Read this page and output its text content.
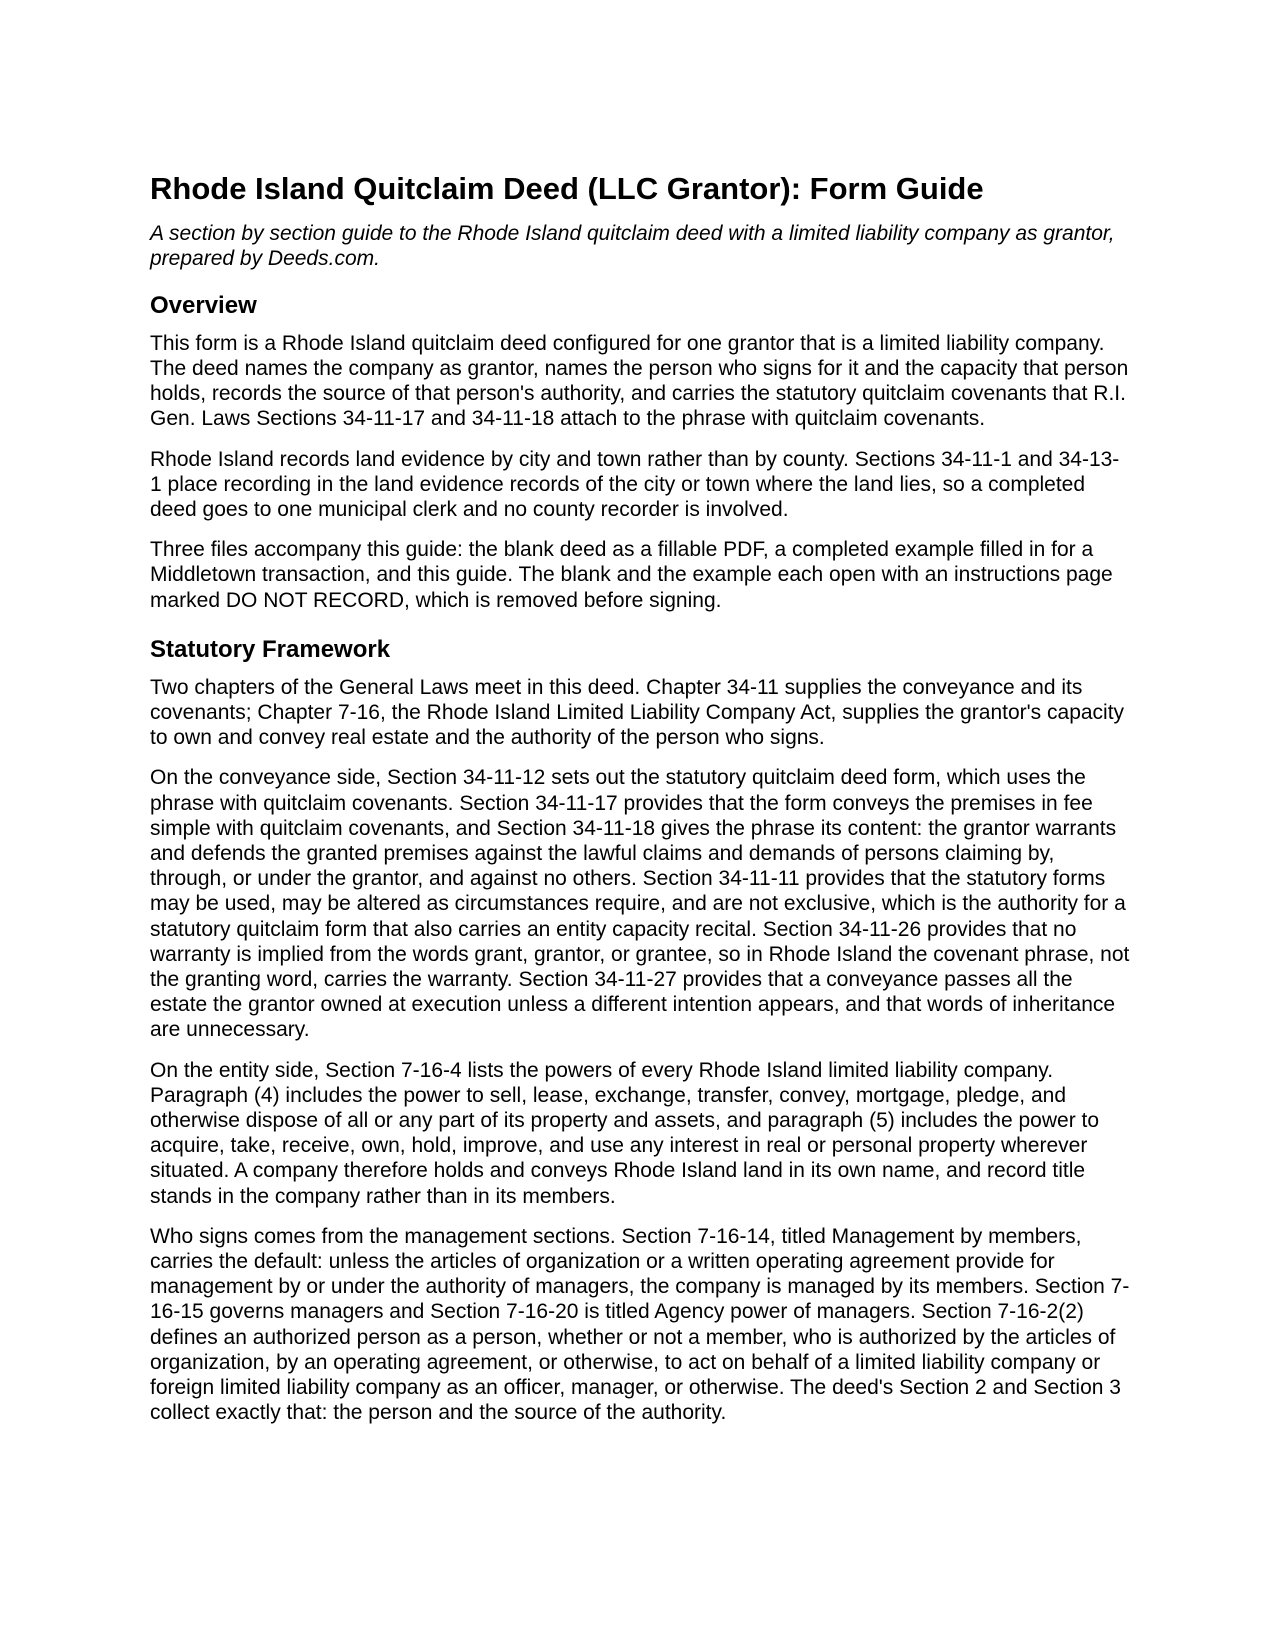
Rhode Island Quitclaim Deed (LLC Grantor): Form Guide

A section by section guide to the Rhode Island quitclaim deed with a limited liability company as grantor, prepared by Deeds.com.

Overview

This form is a Rhode Island quitclaim deed configured for one grantor that is a limited liability company. The deed names the company as grantor, names the person who signs for it and the capacity that person holds, records the source of that person's authority, and carries the statutory quitclaim covenants that R.I. Gen. Laws Sections 34-11-17 and 34-11-18 attach to the phrase with quitclaim covenants.

Rhode Island records land evidence by city and town rather than by county. Sections 34-11-1 and 34-13-1 place recording in the land evidence records of the city or town where the land lies, so a completed deed goes to one municipal clerk and no county recorder is involved.

Three files accompany this guide: the blank deed as a fillable PDF, a completed example filled in for a Middletown transaction, and this guide. The blank and the example each open with an instructions page marked DO NOT RECORD, which is removed before signing.

Statutory Framework

Two chapters of the General Laws meet in this deed. Chapter 34-11 supplies the conveyance and its covenants; Chapter 7-16, the Rhode Island Limited Liability Company Act, supplies the grantor's capacity to own and convey real estate and the authority of the person who signs.

On the conveyance side, Section 34-11-12 sets out the statutory quitclaim deed form, which uses the phrase with quitclaim covenants. Section 34-11-17 provides that the form conveys the premises in fee simple with quitclaim covenants, and Section 34-11-18 gives the phrase its content: the grantor warrants and defends the granted premises against the lawful claims and demands of persons claiming by, through, or under the grantor, and against no others. Section 34-11-11 provides that the statutory forms may be used, may be altered as circumstances require, and are not exclusive, which is the authority for a statutory quitclaim form that also carries an entity capacity recital. Section 34-11-26 provides that no warranty is implied from the words grant, grantor, or grantee, so in Rhode Island the covenant phrase, not the granting word, carries the warranty. Section 34-11-27 provides that a conveyance passes all the estate the grantor owned at execution unless a different intention appears, and that words of inheritance are unnecessary.

On the entity side, Section 7-16-4 lists the powers of every Rhode Island limited liability company. Paragraph (4) includes the power to sell, lease, exchange, transfer, convey, mortgage, pledge, and otherwise dispose of all or any part of its property and assets, and paragraph (5) includes the power to acquire, take, receive, own, hold, improve, and use any interest in real or personal property wherever situated. A company therefore holds and conveys Rhode Island land in its own name, and record title stands in the company rather than in its members.

Who signs comes from the management sections. Section 7-16-14, titled Management by members, carries the default: unless the articles of organization or a written operating agreement provide for management by or under the authority of managers, the company is managed by its members. Section 7-16-15 governs managers and Section 7-16-20 is titled Agency power of managers. Section 7-16-2(2) defines an authorized person as a person, whether or not a member, who is authorized by the articles of organization, by an operating agreement, or otherwise, to act on behalf of a limited liability company or foreign limited liability company as an officer, manager, or otherwise. The deed's Section 2 and Section 3 collect exactly that: the person and the source of the authority.
